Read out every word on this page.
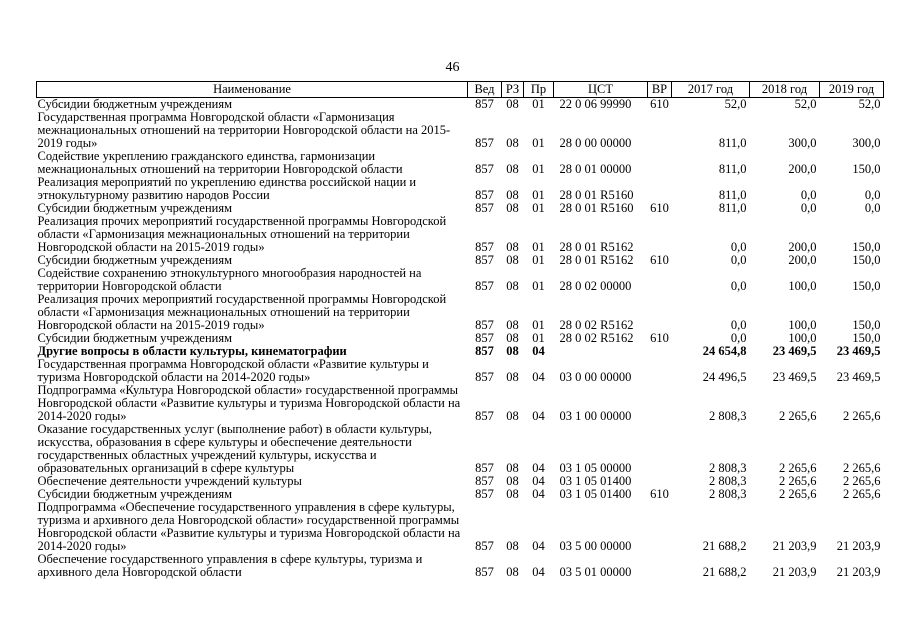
46
Наименование	Вед	РЗ	Пр	ЦСТ	ВР	2017 год	2018 год	2019 год
Субсидии бюджетным учреждениям	857	08	01	22 0 06 99990	610	52,0	52,0	52,0
Государственная программа Новгородской области «Гармонизация межнациональных отношений на территории Новгородской области на 2015-2019 годы»	857	08	01	28 0 00 00000		811,0	300,0	300,0
Содействие укреплению гражданского единства, гармонизации межнациональных отношений на территории Новгородской области	857	08	01	28 0 01 00000		811,0	200,0	150,0
Реализация мероприятий по укреплению единства российской нации и этнокультурному развитию народов России	857	08	01	28 0 01 R5160		811,0	0,0	0,0
Субсидии бюджетным учреждениям	857	08	01	28 0 01 R5160	610	811,0	0,0	0,0
Реализация прочих мероприятий государственной программы Новгородской области «Гармонизация межнациональных отношений на территории Новгородской области на 2015-2019 годы»	857	08	01	28 0 01 R5162		0,0	200,0	150,0
Субсидии бюджетным учреждениям	857	08	01	28 0 01 R5162	610	0,0	200,0	150,0
Содействие сохранению этнокультурного многообразия народностей на территории Новгородской области	857	08	01	28 0 02 00000		0,0	100,0	150,0
Реализация прочих мероприятий государственной программы Новгородской области «Гармонизация межнациональных отношений на территории Новгородской области на 2015-2019 годы»	857	08	01	28 0 02 R5162		0,0	100,0	150,0
Субсидии бюджетным учреждениям	857	08	01	28 0 02 R5162	610	0,0	100,0	150,0
Другие вопросы в области культуры, кинематографии	857	08	04			24 654,8	23 469,5	23 469,5
Государственная программа Новгородской области «Развитие культуры и туризма Новгородской области на 2014-2020 годы»	857	08	04	03 0 00 00000		24 496,5	23 469,5	23 469,5
Подпрограмма «Культура Новгородской области» государственной программы Новгородской области «Развитие культуры и туризма Новгородской области на 2014-2020 годы»	857	08	04	03 1 00 00000		2 808,3	2 265,6	2 265,6
Оказание государственных услуг (выполнение работ) в области культуры, искусства, образования в сфере культуры и обеспечение деятельности государственных областных учреждений культуры, искусства и образовательных организаций в сфере культуры	857	08	04	03 1 05 00000		2 808,3	2 265,6	2 265,6
Обеспечение деятельности учреждений культуры	857	08	04	03 1 05 01400		2 808,3	2 265,6	2 265,6
Субсидии бюджетным учреждениям	857	08	04	03 1 05 01400	610	2 808,3	2 265,6	2 265,6
Подпрограмма «Обеспечение государственного управления в сфере культуры, туризма и архивного дела Новгородской области» государственной программы Новгородской области «Развитие культуры и туризма Новгородской области на 2014-2020 годы»	857	08	04	03 5 00 00000		21 688,2	21 203,9	21 203,9
Обеспечение государственного управления в сфере культуры, туризма и архивного дела Новгородской области	857	08	04	03 5 01 00000		21 688,2	21 203,9	21 203,9
